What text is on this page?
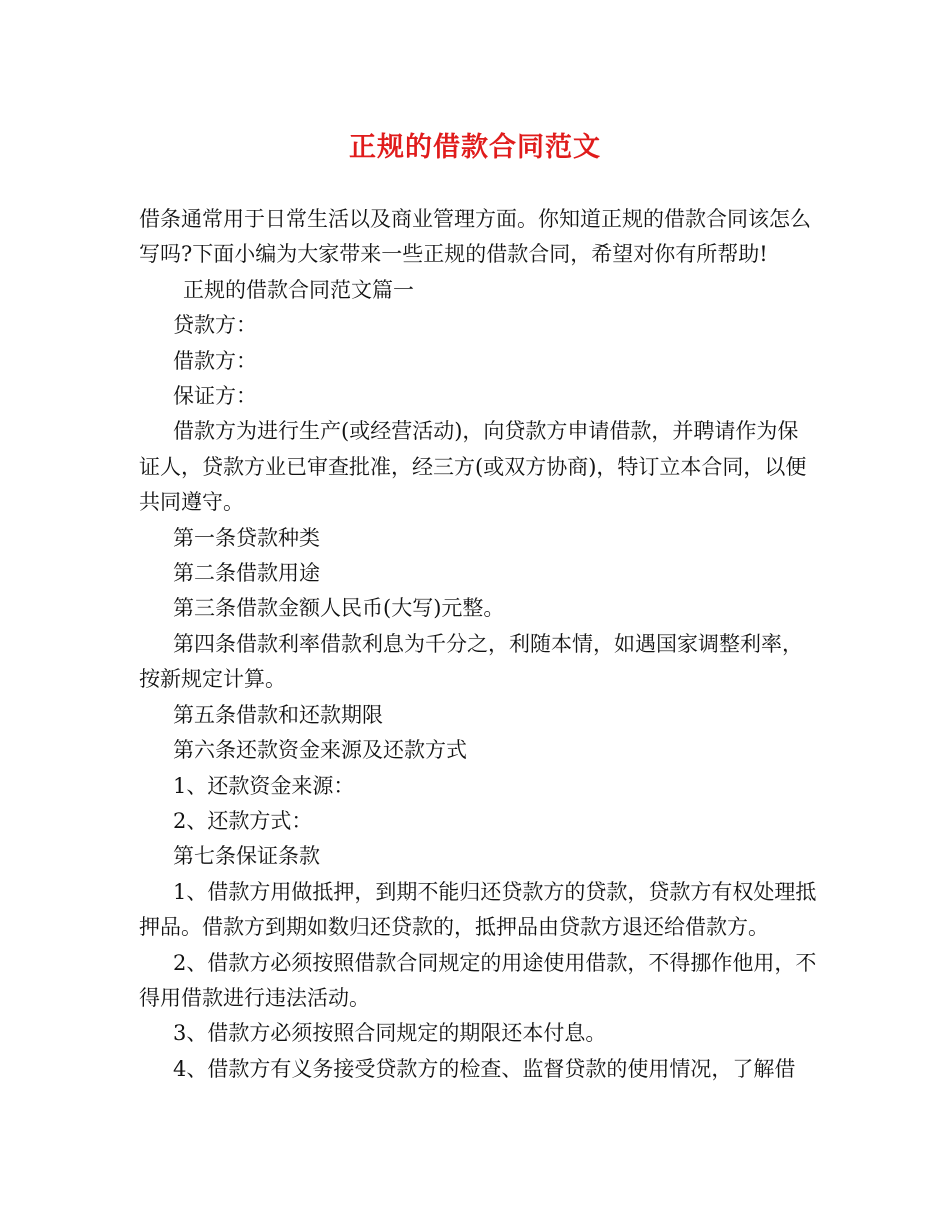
正规的借款合同范文

借条通常用于日常生活以及商业管理方面。你知道正规的借款合同该怎么写吗?下面小编为大家带来一些正规的借款合同，希望对你有所帮助!

正规的借款合同范文篇一

贷款方：

借款方：

保证方：

借款方为进行生产(或经营活动)，向贷款方申请借款，并聘请作为保证人，贷款方业已审查批准，经三方(或双方协商)，特订立本合同，以便共同遵守。

第一条贷款种类

第二条借款用途

第三条借款金额人民币(大写)元整。

第四条借款利率借款利息为千分之，利随本情，如遇国家调整利率，按新规定计算。

第五条借款和还款期限

第六条还款资金来源及还款方式

1、还款资金来源：

2、还款方式：

第七条保证条款

1、借款方用做抵押，到期不能归还贷款方的贷款，贷款方有权处理抵押品。借款方到期如数归还贷款的，抵押品由贷款方退还给借款方。

2、借款方必须按照借款合同规定的用途使用借款，不得挪作他用，不得用借款进行违法活动。

3、借款方必须按照合同规定的期限还本付息。

4、借款方有义务接受贷款方的检查、监督贷款的使用情况，了解借
